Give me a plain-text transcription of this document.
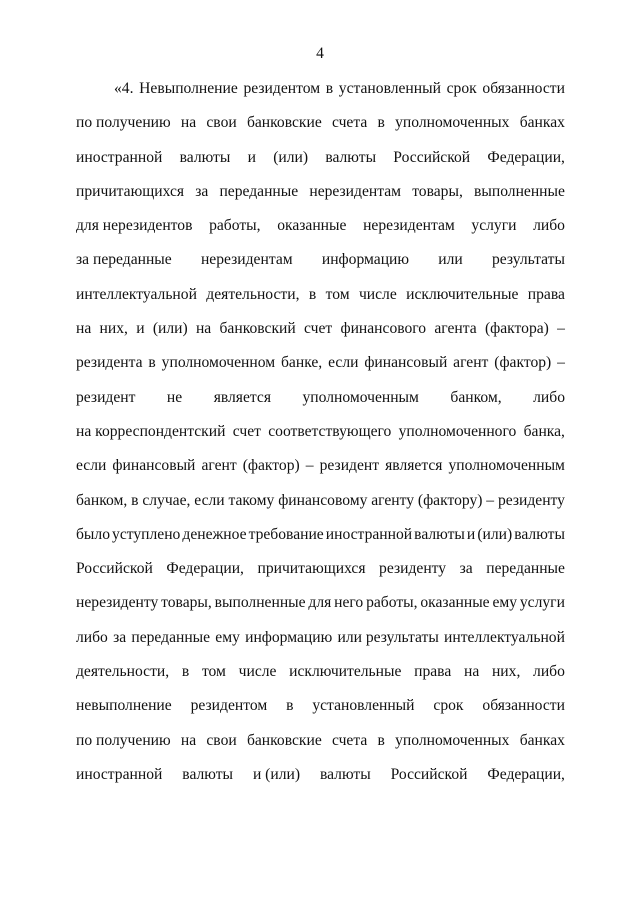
4
«4. Невыполнение резидентом в установленный срок обязанности
по получению на свои банковские счета в уполномоченных банках
иностранной валюты и (или) валюты Российской Федерации,
причитающихся за переданные нерезидентам товары, выполненные
для нерезидентов работы, оказанные нерезидентам услуги либо
за переданные нерезидентам информацию или результаты
интеллектуальной деятельности, в том числе исключительные права
на них, и (или) на банковский счет финансового агента (фактора) –
резидента в уполномоченном банке, если финансовый агент (фактор) –
резидент не является уполномоченным банком, либо
на корреспондентский счет соответствующего уполномоченного банка,
если финансовый агент (фактор) – резидент является уполномоченным
банком, в случае, если такому финансовому агенту (фактору) – резиденту
было уступлено денежное требование иностранной валюты и (или) валюты
Российской Федерации, причитающихся резиденту за переданные
нерезиденту товары, выполненные для него работы, оказанные ему услуги
либо за переданные ему информацию или результаты интеллектуальной
деятельности, в том числе исключительные права на них, либо
невыполнение резидентом в установленный срок обязанности
по получению на свои банковские счета в уполномоченных банках
иностранной валюты и (или) валюты Российской Федерации,
